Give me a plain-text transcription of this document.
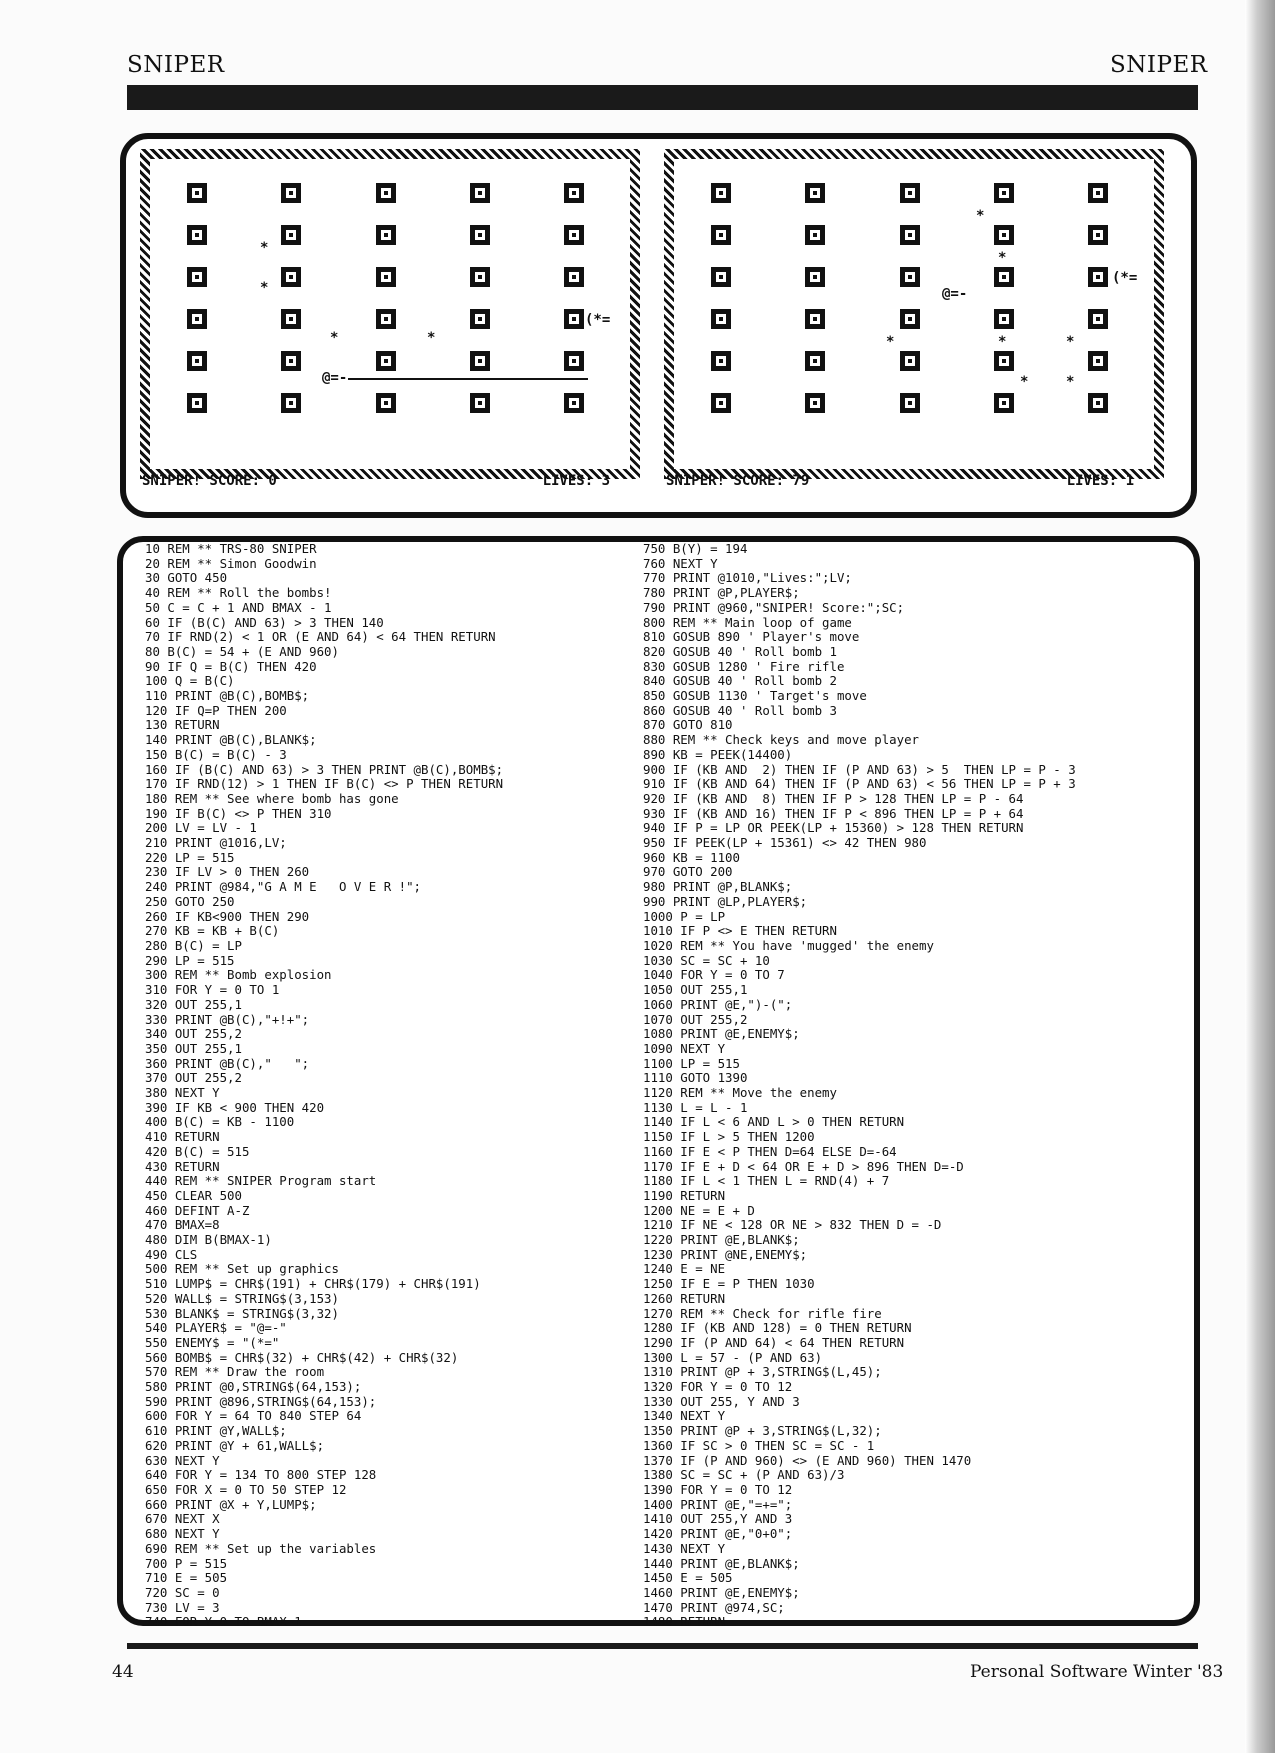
SNIPER	SNIPER
*
*
*	*
(*=
@=-
SNIPER! SCORE: 0	LIVES: 3
*
*
*	*	*
*	*
(*=
@=-
SNIPER! SCORE: 79	LIVES: 1
10 REM ** TRS-80 SNIPER
20 REM ** Simon Goodwin
30 GOTO 450
40 REM ** Roll the bombs!
50 C = C + 1 AND BMAX - 1
60 IF (B(C) AND 63) > 3 THEN 140
70 IF RND(2) < 1 OR (E AND 64) < 64 THEN RETURN
80 B(C) = 54 + (E AND 960)
90 IF Q = B(C) THEN 420
100 Q = B(C)
110 PRINT @B(C),BOMB$;
120 IF Q=P THEN 200
130 RETURN
140 PRINT @B(C),BLANK$;
150 B(C) = B(C) - 3
160 IF (B(C) AND 63) > 3 THEN PRINT @B(C),BOMB$;
170 IF RND(12) > 1 THEN IF B(C) <> P THEN RETURN
180 REM ** See where bomb has gone
190 IF B(C) <> P THEN 310
200 LV = LV - 1
210 PRINT @1016,LV;
220 LP = 515
230 IF LV > 0 THEN 260
240 PRINT @984,"G A M E   O V E R !";
250 GOTO 250
260 IF KB<900 THEN 290
270 KB = KB + B(C)
280 B(C) = LP
290 LP = 515
300 REM ** Bomb explosion
310 FOR Y = 0 TO 1
320 OUT 255,1
330 PRINT @B(C),"+!+";
340 OUT 255,2
350 OUT 255,1
360 PRINT @B(C),"   ";
370 OUT 255,2
380 NEXT Y
390 IF KB < 900 THEN 420
400 B(C) = KB - 1100
410 RETURN
420 B(C) = 515
430 RETURN
440 REM ** SNIPER Program start
450 CLEAR 500
460 DEFINT A-Z
470 BMAX=8
480 DIM B(BMAX-1)
490 CLS
500 REM ** Set up graphics
510 LUMP$ = CHR$(191) + CHR$(179) + CHR$(191)
520 WALL$ = STRING$(3,153)
530 BLANK$ = STRING$(3,32)
540 PLAYER$ = "@=-"
550 ENEMY$ = "(*="
560 BOMB$ = CHR$(32) + CHR$(42) + CHR$(32)
570 REM ** Draw the room
580 PRINT @0,STRING$(64,153);
590 PRINT @896,STRING$(64,153);
600 FOR Y = 64 TO 840 STEP 64
610 PRINT @Y,WALL$;
620 PRINT @Y + 61,WALL$;
630 NEXT Y
640 FOR Y = 134 TO 800 STEP 128
650 FOR X = 0 TO 50 STEP 12
660 PRINT @X + Y,LUMP$;
670 NEXT X
680 NEXT Y
690 REM ** Set up the variables
700 P = 515
710 E = 505
720 SC = 0
730 LV = 3
740 FOR Y=0 TO BMAX-1
750 B(Y) = 194
760 NEXT Y
770 PRINT @1010,"Lives:";LV;
780 PRINT @P,PLAYER$;
790 PRINT @960,"SNIPER! Score:";SC;
800 REM ** Main loop of game
810 GOSUB 890 ' Player's move
820 GOSUB 40 ' Roll bomb 1
830 GOSUB 1280 ' Fire rifle
840 GOSUB 40 ' Roll bomb 2
850 GOSUB 1130 ' Target's move
860 GOSUB 40 ' Roll bomb 3
870 GOTO 810
880 REM ** Check keys and move player
890 KB = PEEK(14400)
900 IF (KB AND  2) THEN IF (P AND 63) > 5  THEN LP = P - 3
910 IF (KB AND 64) THEN IF (P AND 63) < 56 THEN LP = P + 3
920 IF (KB AND  8) THEN IF P > 128 THEN LP = P - 64
930 IF (KB AND 16) THEN IF P < 896 THEN LP = P + 64
940 IF P = LP OR PEEK(LP + 15360) > 128 THEN RETURN
950 IF PEEK(LP + 15361) <> 42 THEN 980
960 KB = 1100
970 GOTO 200
980 PRINT @P,BLANK$;
990 PRINT @LP,PLAYER$;
1000 P = LP
1010 IF P <> E THEN RETURN
1020 REM ** You have 'mugged' the enemy
1030 SC = SC + 10
1040 FOR Y = 0 TO 7
1050 OUT 255,1
1060 PRINT @E,")-(";
1070 OUT 255,2
1080 PRINT @E,ENEMY$;
1090 NEXT Y
1100 LP = 515
1110 GOTO 1390
1120 REM ** Move the enemy
1130 L = L - 1
1140 IF L < 6 AND L > 0 THEN RETURN
1150 IF L > 5 THEN 1200
1160 IF E < P THEN D=64 ELSE D=-64
1170 IF E + D < 64 OR E + D > 896 THEN D=-D
1180 IF L < 1 THEN L = RND(4) + 7
1190 RETURN
1200 NE = E + D
1210 IF NE < 128 OR NE > 832 THEN D = -D
1220 PRINT @E,BLANK$;
1230 PRINT @NE,ENEMY$;
1240 E = NE
1250 IF E = P THEN 1030
1260 RETURN
1270 REM ** Check for rifle fire
1280 IF (KB AND 128) = 0 THEN RETURN
1290 IF (P AND 64) < 64 THEN RETURN
1300 L = 57 - (P AND 63)
1310 PRINT @P + 3,STRING$(L,45);
1320 FOR Y = 0 TO 12
1330 OUT 255, Y AND 3
1340 NEXT Y
1350 PRINT @P + 3,STRING$(L,32);
1360 IF SC > 0 THEN SC = SC - 1
1370 IF (P AND 960) <> (E AND 960) THEN 1470
1380 SC = SC + (P AND 63)/3
1390 FOR Y = 0 TO 12
1400 PRINT @E,"=+=";
1410 OUT 255,Y AND 3
1420 PRINT @E,"0+0";
1430 NEXT Y
1440 PRINT @E,BLANK$;
1450 E = 505
1460 PRINT @E,ENEMY$;
1470 PRINT @974,SC;
1480 RETURN
44	Personal Software Winter '83
